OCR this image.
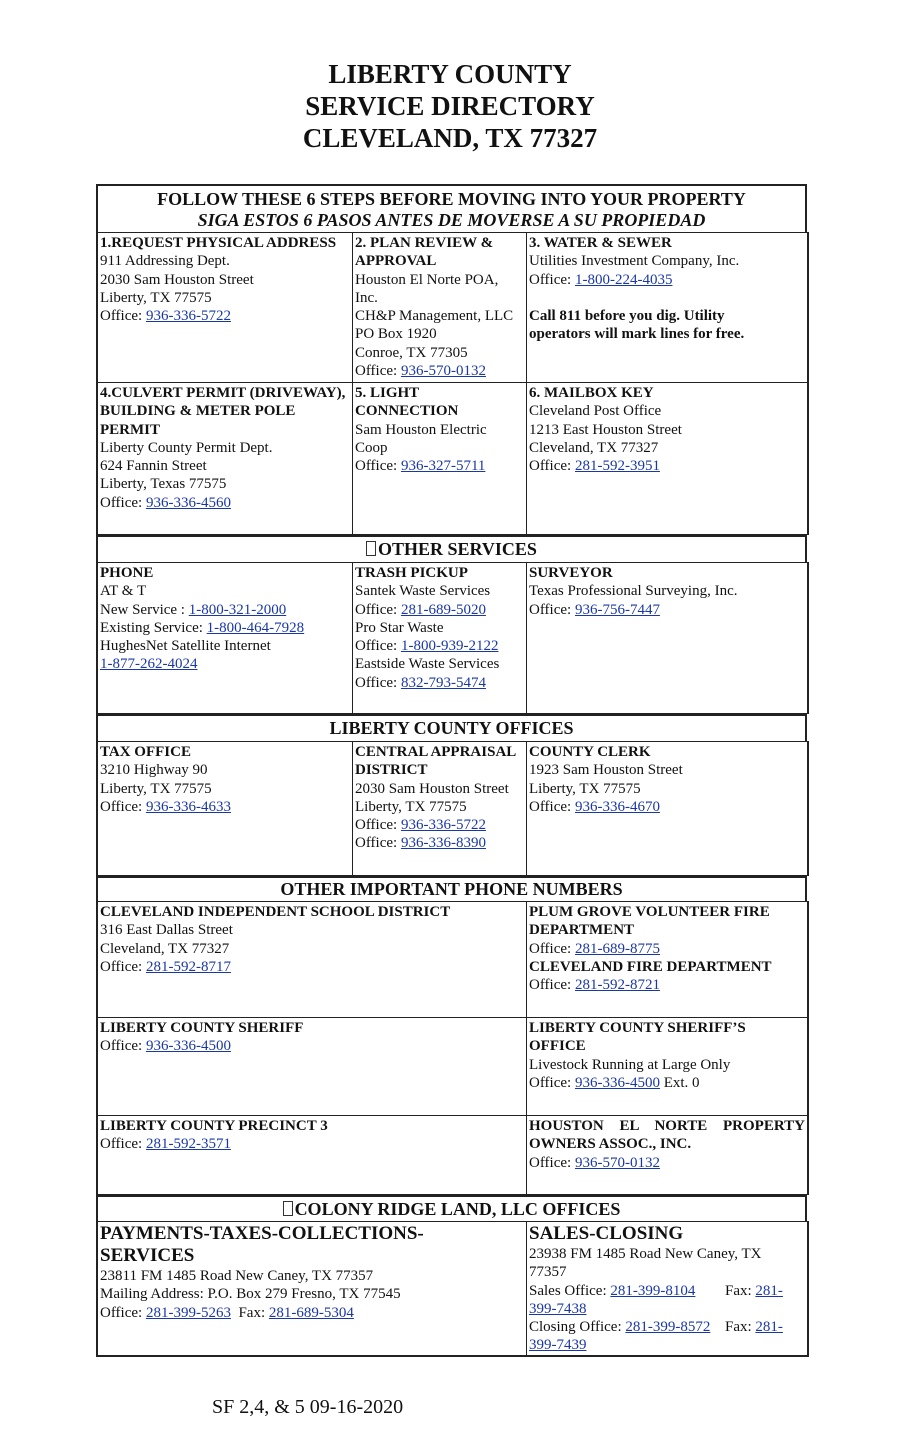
LIBERTY COUNTY
SERVICE DIRECTORY
CLEVELAND, TX 77327
FOLLOW THESE 6 STEPS BEFORE MOVING INTO YOUR PROPERTY
SIGA ESTOS 6 PASOS ANTES DE MOVERSE A SU PROPIEDAD
1.REQUEST PHYSICAL ADDRESS
911 Addressing Dept.
2030 Sam Houston Street
Liberty, TX 77575
Office: 936-336-5722
2. PLAN REVIEW &
APPROVAL
Houston El Norte POA,
Inc.
CH&P Management, LLC
PO Box 1920
Conroe, TX 77305
Office: 936-570-0132
3. WATER & SEWER
Utilities Investment Company, Inc.
Office: 1-800-224-4035
Call 811 before you dig. Utility
operators will mark lines for free.
4.CULVERT PERMIT (DRIVEWAY),
BUILDING & METER POLE
PERMIT
Liberty County Permit Dept.
624 Fannin Street
Liberty, Texas 77575
Office: 936-336-4560
5. LIGHT
CONNECTION
Sam Houston Electric
Coop
Office: 936-327-5711
6. MAILBOX KEY
Cleveland Post Office
1213 East Houston Street
Cleveland, TX 77327
Office: 281-592-3951
OTHER SERVICES
PHONE
AT & T
New Service : 1-800-321-2000
Existing Service: 1-800-464-7928
HughesNet Satellite Internet
1-877-262-4024
TRASH PICKUP
Santek Waste Services
Office: 281-689-5020
Pro Star Waste
Office: 1-800-939-2122
Eastside Waste Services
Office: 832-793-5474
SURVEYOR
Texas Professional Surveying, Inc.
Office: 936-756-7447
LIBERTY COUNTY OFFICES
TAX OFFICE
3210 Highway 90
Liberty, TX 77575
Office: 936-336-4633
CENTRAL APPRAISAL
DISTRICT
2030 Sam Houston Street
Liberty, TX 77575
Office: 936-336-5722
Office: 936-336-8390
COUNTY CLERK
1923 Sam Houston Street
Liberty, TX 77575
Office: 936-336-4670
OTHER IMPORTANT PHONE NUMBERS
CLEVELAND INDEPENDENT SCHOOL DISTRICT
316 East Dallas Street
Cleveland, TX 77327
Office: 281-592-8717
PLUM GROVE VOLUNTEER FIRE
DEPARTMENT
Office: 281-689-8775
CLEVELAND FIRE DEPARTMENT
Office: 281-592-8721
LIBERTY COUNTY SHERIFF
Office: 936-336-4500
LIBERTY COUNTY SHERIFF’S
OFFICE
Livestock Running at Large Only
Office: 936-336-4500 Ext. 0
LIBERTY COUNTY PRECINCT 3
Office: 281-592-3571
HOUSTON EL NORTE PROPERTY
OWNERS ASSOC., INC.
Office: 936-570-0132
COLONY RIDGE LAND, LLC OFFICES
PAYMENTS-TAXES-COLLECTIONS-
SERVICES
23811 FM 1485 Road New Caney, TX 77357
Mailing Address: P.O. Box 279 Fresno, TX 77545
Office: 281-399-5263  Fax: 281-689-5304
SALES-CLOSING
23938 FM 1485 Road New Caney, TX
77357
Sales Office: 281-399-8104 Fax: 281-
399-7438
Closing Office: 281-399-8572 Fax: 281-
399-7439
SF 2,4, & 5 09-16-2020
